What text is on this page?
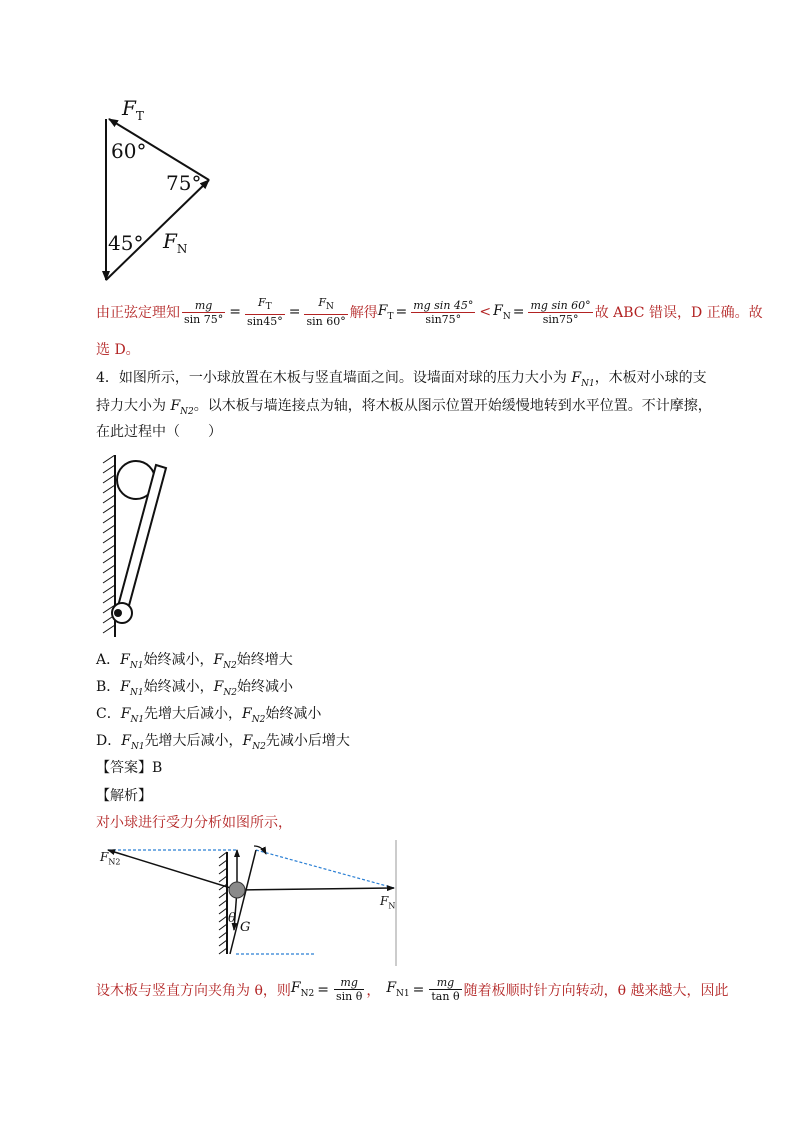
$F_T$
60°
75°
45° $F_N$
由正弦定理知 $\frac{mg}{\sin 75^\circ} = \frac{F_T}{\sin 45^\circ} = \frac{F_N}{\sin 60^\circ}$ 解得 $F_T = \frac{\text{mg sin 45°}}{\sin 75^\circ} < F_N = \frac{\text{mg sin 60°}}{\sin 75^\circ}$ 故 ABC 错误，D 正确。故
选 D。
4．如图所示，一小球放置在木板与竖直墙面之间。设墙面对球的压力大小为 $F_{N1}$，木板对小球的支
持力大小为 $F_{N2}$。以木板与墙连接点为轴，将木板从图示位置开始缓慢地转到水平位置。不计摩擦，
在此过程中（　　）
A．$F_{N1}$始终减小，$F_{N2}$始终增大
B．$F_{N1}$始终减小，$F_{N2}$始终减小
C．$F_{N1}$先增大后减小，$F_{N2}$始终减小
D．$F_{N1}$先增大后减小，$F_{N2}$先减小后增大
【答案】B
【解析】
对小球进行受力分析如图所示，
$F_{N2}$
$F_N$
θ
G
设木板与竖直方向夹角为 θ，则 $F_{N2} = \frac{mg}{\text{sin θ}}$ ， $F_{N1} = \frac{mg}{\text{tan θ}}$ 随着板顺时针方向转动，θ 越来越大，因此
